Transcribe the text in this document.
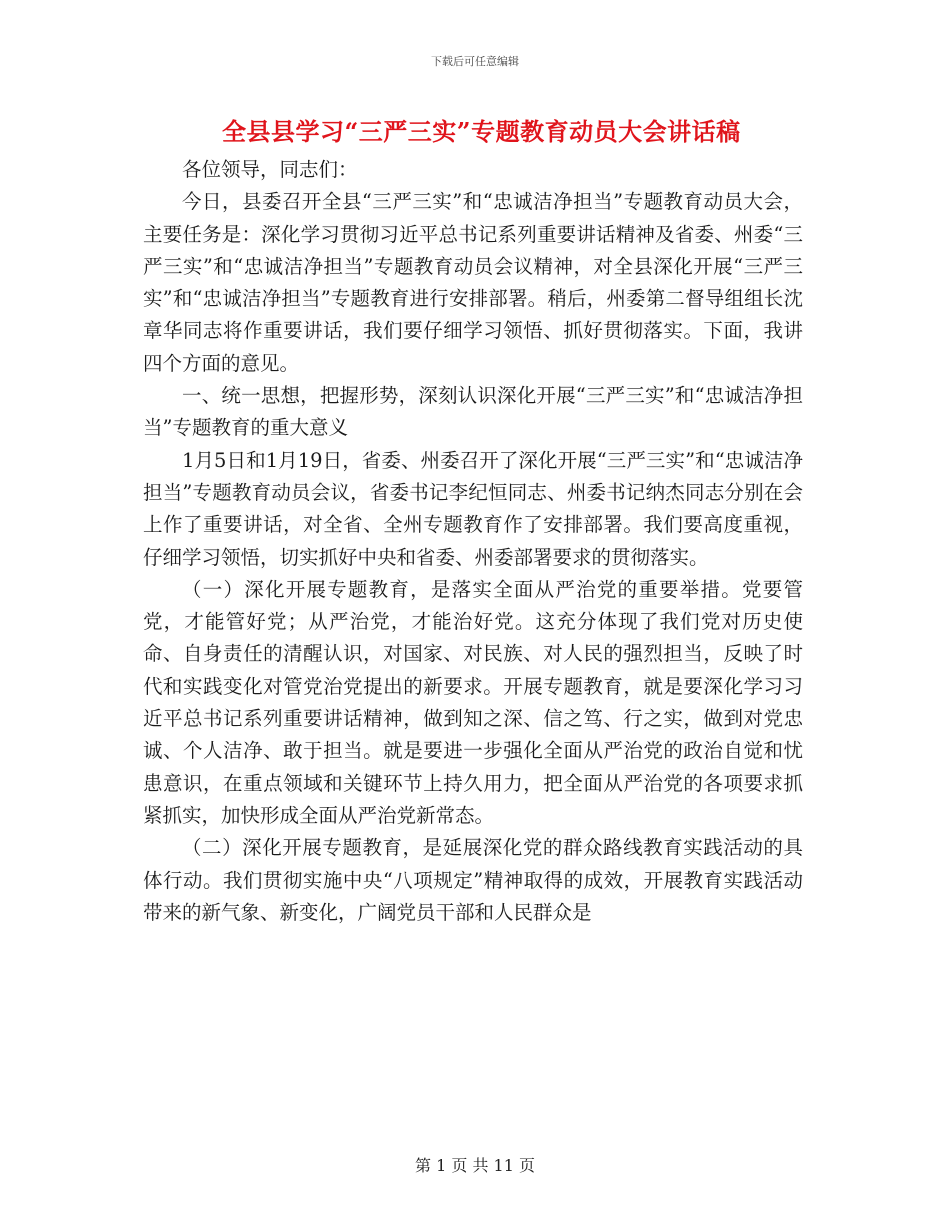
下载后可任意编辑
全县县学习“三严三实”专题教育动员大会讲话稿

各位领导，同志们：

今日，县委召开全县“三严三实”和“忠诚洁净担当”专题教育动员大会，主要任务是：深化学习贯彻习近平总书记系列重要讲话精神及省委、州委“三严三实”和“忠诚洁净担当”专题教育动员会议精神，对全县深化开展“三严三实”和“忠诚洁净担当”专题教育进行安排部署。稍后，州委第二督导组组长沈章华同志将作重要讲话，我们要仔细学习领悟、抓好贯彻落实。下面，我讲四个方面的意见。

一、统一思想，把握形势，深刻认识深化开展“三严三实”和“忠诚洁净担当”专题教育的重大意义

1月5日和1月19日，省委、州委召开了深化开展“三严三实”和“忠诚洁净担当”专题教育动员会议，省委书记李纪恒同志、州委书记纳杰同志分别在会上作了重要讲话，对全省、全州专题教育作了安排部署。我们要高度重视，仔细学习领悟，切实抓好中央和省委、州委部署要求的贯彻落实。

（一）深化开展专题教育，是落实全面从严治党的重要举措。党要管党，才能管好党；从严治党，才能治好党。这充分体现了我们党对历史使命、自身责任的清醒认识，对国家、对民族、对人民的强烈担当，反映了时代和实践变化对管党治党提出的新要求。开展专题教育，就是要深化学习习近平总书记系列重要讲话精神，做到知之深、信之笃、行之实，做到对党忠诚、个人洁净、敢于担当。就是要进一步强化全面从严治党的政治自觉和忧患意识，在重点领域和关键环节上持久用力，把全面从严治党的各项要求抓紧抓实，加快形成全面从严治党新常态。

（二）深化开展专题教育，是延展深化党的群众路线教育实践活动的具体行动。我们贯彻实施中央“八项规定”精神取得的成效，开展教育实践活动带来的新气象、新变化，广阔党员干部和人民群众是

第 1 页 共 11 页
